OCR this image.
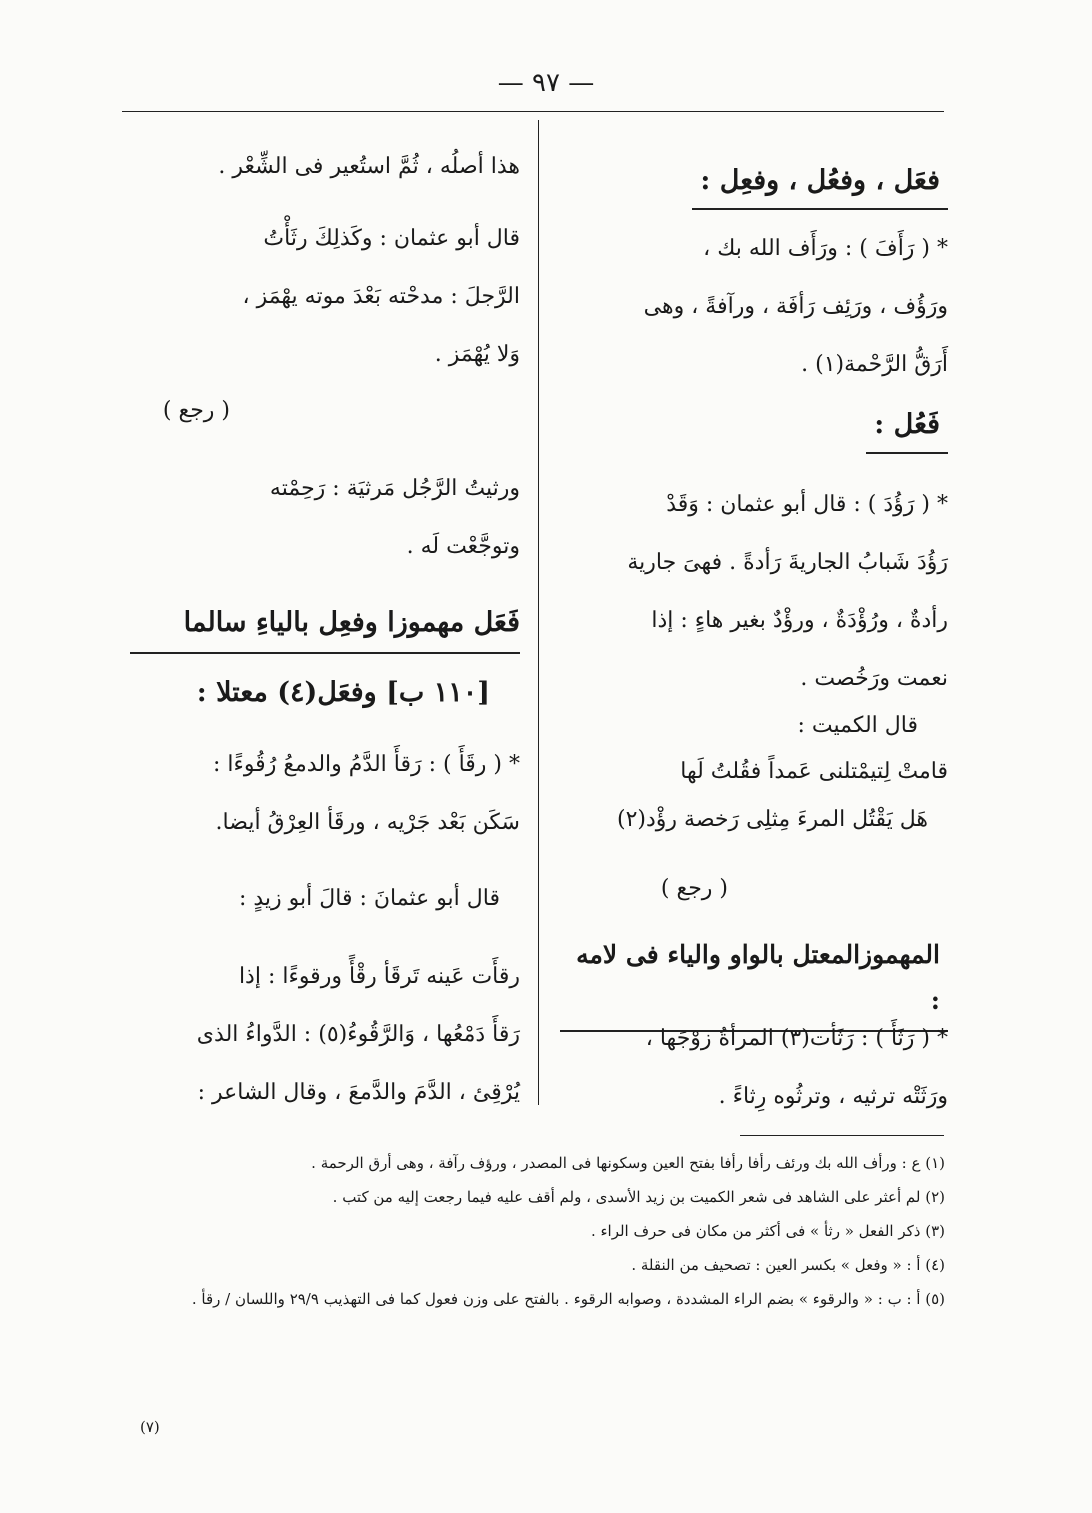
— ٩٧ —
فعَل ، وفعُل ، وفعِل :

* ( رَأَفَ ) : ورَأَف الله بك ،

ورَؤُف ، ورَئِف رَأفَة ، ورآفةً ، وهى

أَرَقُّ الرَّحْمة(١) .

فَعُل :

* ( رَؤُدَ ) : قال أبو عثمان : وَقَدْ

رَؤُدَ شَبابُ الجاريةَ رَأدةً . فهىَ جارية

رأدةٌ ، ورُؤْدَةٌ ، ورؤْدٌ بغير هاءٍ : إذا

نعمت ورَخُصت .

قال الكميت :

قامتْ لِتيمْتلنى عَمداً فقُلتُ لَها

هَل يَقْتُل المرءَ مِثلِى رَخصة رؤْد(٢)

( رجع )

المهموزالمعتل بالواو والياء فى لامه :

* ( رَثَأَ ) : رَثَأت(٣) المرأةُ زوْجَها ،

ورَثَتْه ترثيه ، وترثُوه رِثاءً .

هذا أصلُه ، ثُمَّ استُعير فى الشِّعْر .

قال أبو عثمان : وكَذلِكَ رثَأْتُ

الرَّجلَ : مدحْته بَعْدَ موته يهْمَز ،

وَلا يُهْمَز .

( رجع )

ورثيتُ الرَّجُل مَرثيَة : رَحِمْته

وتوجَّعْت لَه .

فَعَل مهموزا وفعِل بالياءِ سالما
[١١٠ ب] وفعَل(٤) معتلا :

* ( رقَأَ ) : رَقأَ الدَّمُ والدمعُ رُقُوءًا :

سَكَن بَعْد جَرْيه ، ورقَأ العِرْقُ أيضا.

قال أبو عثمانَ : قالَ أبو زيدٍ :

رقأَت عَينه تَرقَأ رقْأً ورقوءًا : إذا

رَقأَ دَمْعُها ، وَالرَّقُوءُ(٥) : الدَّواءُ الذى

يُرْقِئ ، الدَّمَ والدَّمعَ ، وقال الشاعر :

(١) ع : ورأف الله بك ورئف رأفا رأفا بفتح العين وسكونها فى المصدر ، ورؤف رآفة ، وهى أرق الرحمة .

(٢) لم أعثر على الشاهد فى شعر الكميت بن زيد الأسدى ، ولم أقف عليه فيما رجعت إليه من كتب .

(٣) ذكر الفعل « رثأ » فى أكثر من مكان فى حرف الراء .

(٤) أ : « وفعل » بكسر العين : تصحيف من النقلة .

(٥) أ : ب : « والرقوء » بضم الراء المشددة ، وصوابه الرقوء . بالفتح على وزن فعول كما فى التهذيب ٢٩/٩ واللسان / رقأ .

(٧)
